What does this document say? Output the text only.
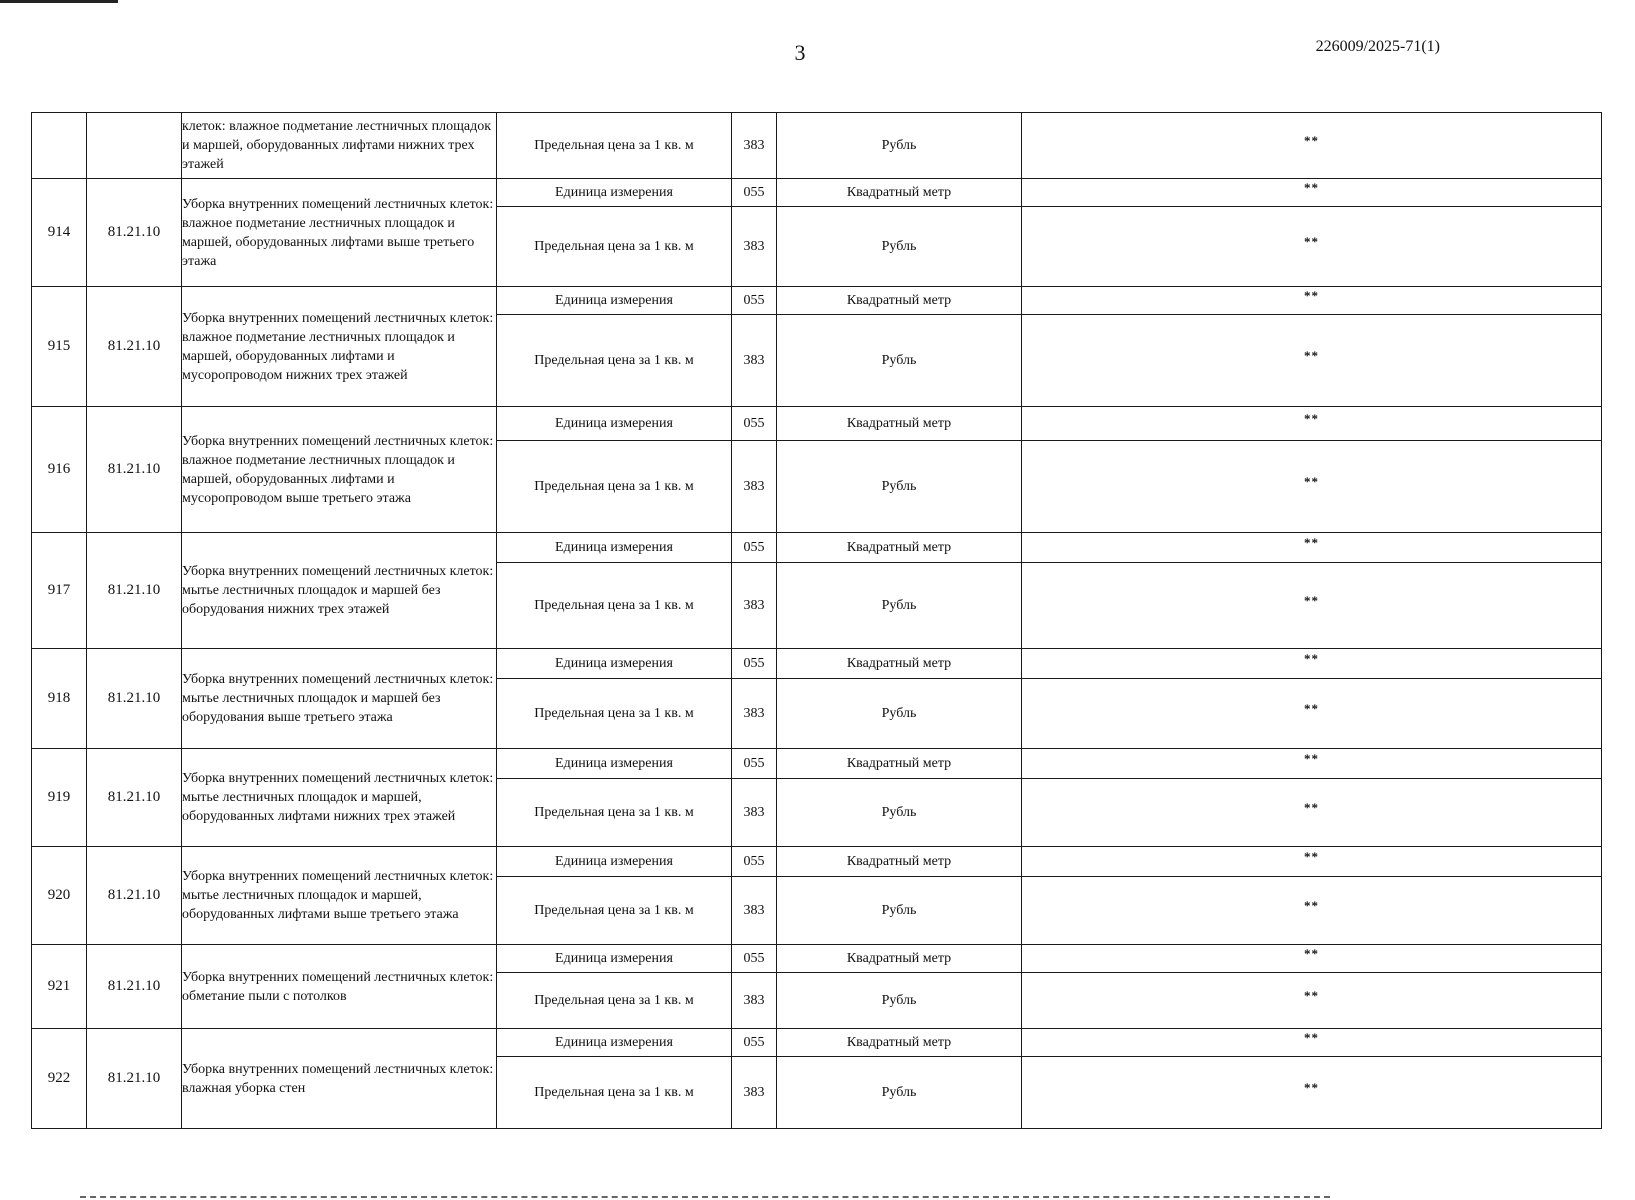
3	226009/2025-71(1)
		клеток: влажное подметание лестничных площадок и маршей, оборудованных лифтами нижних трех этажей	Предельная цена за 1 кв. м	383	Рубль	**
914	81.21.10	Уборка внутренних помещений лестничных клеток: влажное подметание лестничных площадок и маршей, оборудованных лифтами выше третьего этажа	Единица измерения	055	Квадратный метр	**
			Предельная цена за 1 кв. м	383	Рубль	**
915	81.21.10	Уборка внутренних помещений лестничных клеток: влажное подметание лестничных площадок и маршей, оборудованных лифтами и мусоропроводом нижних трех этажей	Единица измерения	055	Квадратный метр	**
			Предельная цена за 1 кв. м	383	Рубль	**
916	81.21.10	Уборка внутренних помещений лестничных клеток: влажное подметание лестничных площадок и маршей, оборудованных лифтами и мусоропроводом выше третьего этажа	Единица измерения	055	Квадратный метр	**
			Предельная цена за 1 кв. м	383	Рубль	**
917	81.21.10	Уборка внутренних помещений лестничных клеток: мытье лестничных площадок и маршей без оборудования нижних трех этажей	Единица измерения	055	Квадратный метр	**
			Предельная цена за 1 кв. м	383	Рубль	**
918	81.21.10	Уборка внутренних помещений лестничных клеток: мытье лестничных площадок и маршей без оборудования выше третьего этажа	Единица измерения	055	Квадратный метр	**
			Предельная цена за 1 кв. м	383	Рубль	**
919	81.21.10	Уборка внутренних помещений лестничных клеток: мытье лестничных площадок и маршей, оборудованных лифтами нижних трех этажей	Единица измерения	055	Квадратный метр	**
			Предельная цена за 1 кв. м	383	Рубль	**
920	81.21.10	Уборка внутренних помещений лестничных клеток: мытье лестничных площадок и маршей, оборудованных лифтами выше третьего этажа	Единица измерения	055	Квадратный метр	**
			Предельная цена за 1 кв. м	383	Рубль	**
921	81.21.10	Уборка внутренних помещений лестничных клеток: обметание пыли с потолков	Единица измерения	055	Квадратный метр	**
			Предельная цена за 1 кв. м	383	Рубль	**
922	81.21.10	Уборка внутренних помещений лестничных клеток: влажная уборка стен	Единица измерения	055	Квадратный метр	**
			Предельная цена за 1 кв. м	383	Рубль	**
